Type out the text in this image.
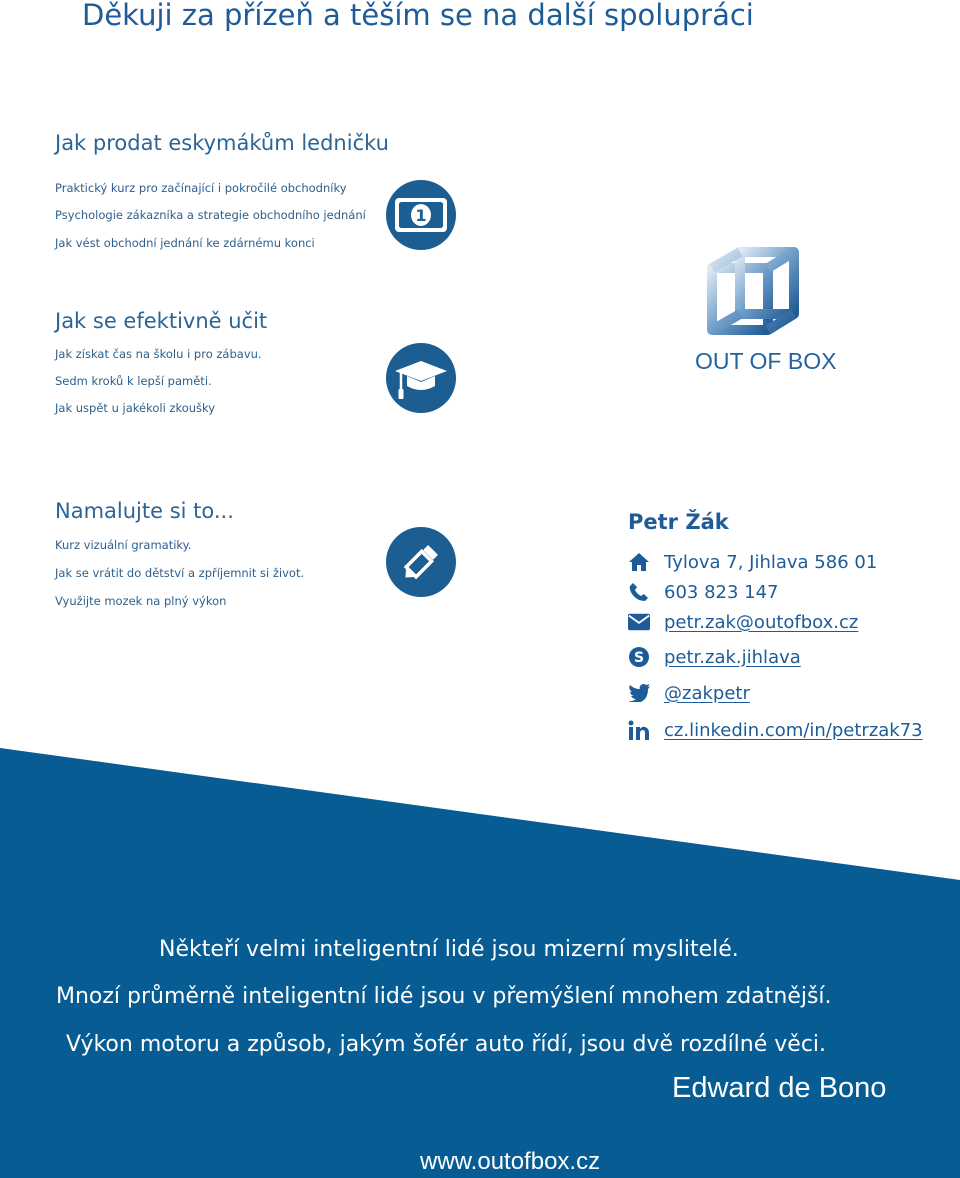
Děkuji za přízeň a těším se na další spolupráci
Jak prodat eskymákům ledničku
Praktický kurz pro začínající i pokročilé obchodníky
Psychologie zákazníka a strategie obchodního jednání
Jak vést obchodní jednání ke zdárnému konci
1
Jak se efektivně učit
Jak získat čas na školu i pro zábavu.
Sedm kroků k lepší paměti.
Jak uspět u jakékoli zkoušky
OUT OF BOX
Namalujte si to...
Kurz vizuální gramatiky.
Jak se vrátit do dětství a zpříjemnit si život.
Využijte mozek na plný výkon
Petr Žák
Tylova 7, Jihlava 586 01
603 823 147
petr.zak@outofbox.cz
S petr.zak.jihlava
@zakpetr
cz.linkedin.com/in/petrzak73
Někteří velmi inteligentní lidé jsou mizerní myslitelé.
Mnozí průměrně inteligentní lidé jsou v přemýšlení mnohem zdatnější.
Výkon motoru a způsob, jakým šofér auto řídí, jsou dvě rozdílné věci.
Edward de Bono
www.outofbox.cz
